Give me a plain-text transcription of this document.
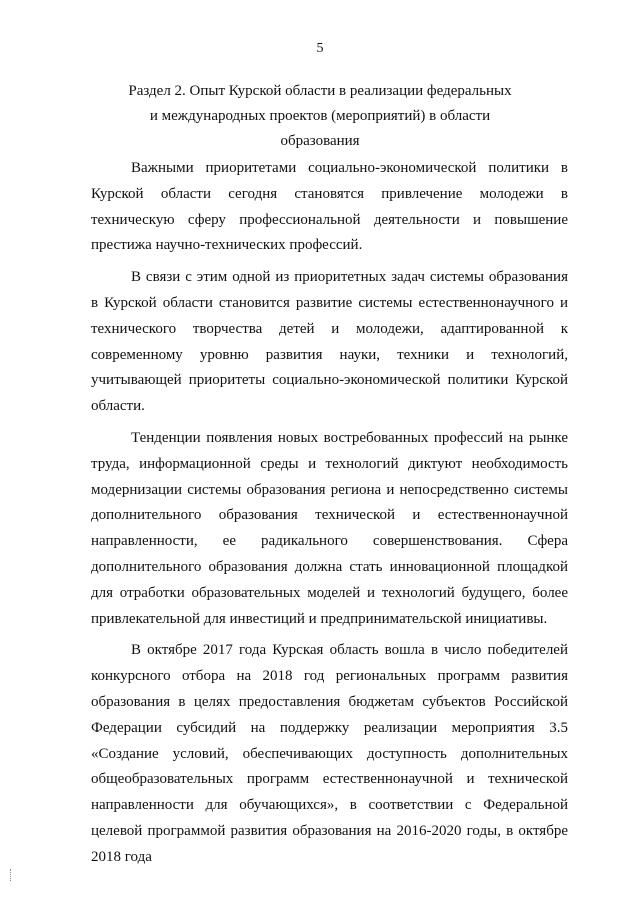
5
Раздел 2. Опыт Курской области в реализации федеральных
и международных проектов (мероприятий) в области
образования

Важными приоритетами социально-экономической политики в Курской области сегодня становятся привлечение молодежи в техническую сферу профессиональной деятельности и повышение престижа научно-технических профессий.

В связи с этим одной из приоритетных задач системы образования в Курской области становится развитие системы естественнонаучного и технического творчества детей и молодежи, адаптированной к современному уровню развития науки, техники и технологий, учитывающей приоритеты социально-экономической политики Курской области.

Тенденции появления новых востребованных профессий на рынке труда, информационной среды и технологий диктуют необходимость модернизации системы образования региона и непосредственно системы дополнительного образования технической и естественнонаучной направленности, ее радикального совершенствования. Сфера дополнительного образования должна стать инновационной площадкой для отработки образовательных моделей и технологий будущего, более привлекательной для инвестиций и предпринимательской инициативы.

В октябре 2017 года Курская область вошла в число победителей конкурсного отбора на 2018 год региональных программ развития образования в целях предоставления бюджетам субъектов Российской Федерации субсидий на поддержку реализации мероприятия 3.5 «Создание условий, обеспечивающих доступность дополнительных общеобразовательных программ естественнонаучной и технической направленности для обучающихся», в соответствии с Федеральной целевой программой развития образования на 2016-2020 годы, в октябре 2018 года
